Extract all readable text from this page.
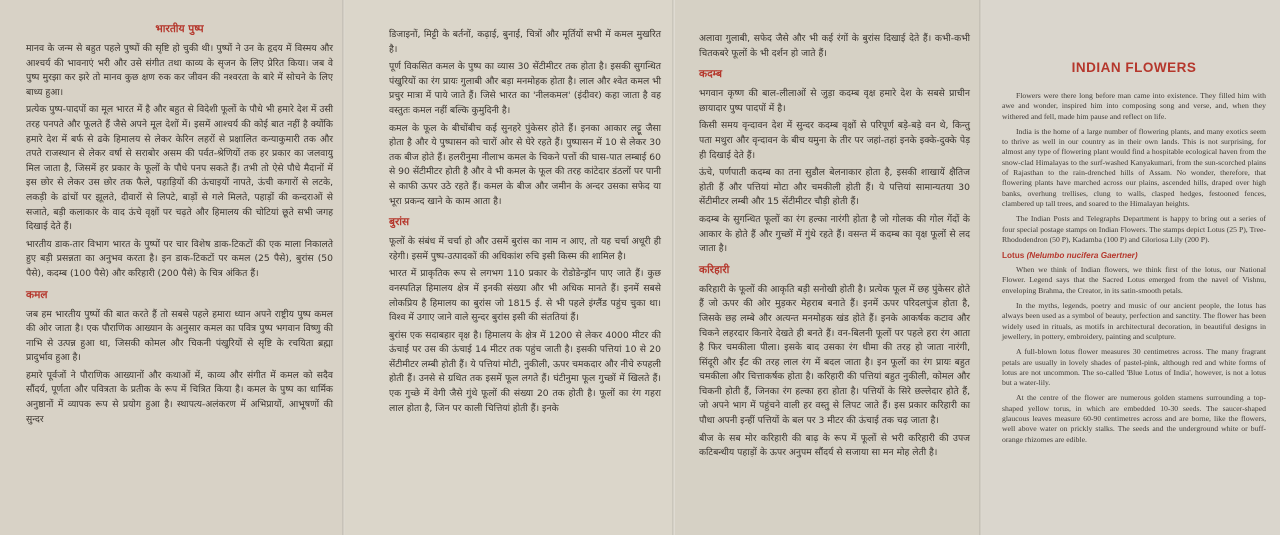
भारतीय पुष्प

मानव के जन्म से बहुत पहले पुष्पों की सृष्टि हो चुकी थी। पुष्पों ने उन के हृदय में विस्मय और आश्चर्य की भावनाएं भरी और उसे संगीत तथा काव्य के सृजन के लिए प्रेरित किया। जब वे पुष्प मुरझा कर झरे तो मानव कुछ क्षण रुक कर जीवन की नश्वरता के बारे में सोचने के लिए बाध्य हुआ।

प्रत्येक पुष्प-पादपों का मूल भारत में है और बहुत से विदेशी फूलों के पौधे भी हमारे देश में उसी तरह पनपते और फूलते हैं जैसे अपने मूल देशों में। इसमें आश्चर्य की कोई बात नहीं है क्योंकि हमारे देश में बर्फ से ढके हिमालय से लेकर केरिन लहरों से प्रक्षालित कन्याकुमारी तक और तपते राजस्थान से लेकर वर्षा से सराबोर असम की पर्वत-श्रेणियों तक हर प्रकार का जलवायु मिल जाता है, जिसमें हर प्रकार के फूलों के पौधे पनप सकते हैं। तभी तो ऐसे पौधे मैदानों में इस छोर से लेकर उस छोर तक फैले, पहाड़ियों की ऊंचाइयों नापते, ऊंची कगारों से लटके, लकड़ी के ढांचों पर झूलते, दीवारों से लिपटे, बाड़ों से गले मिलते, पहाड़ों की कन्दराओं से सजाते, बड़ी कलाकार के वाद ऊंचे वृक्षों पर चढ़ते और हिमालय की चोटियां छूते सभी जगह दिखाई देते हैं।

भारतीय डाक-तार विभाग भारत के पुष्पों पर चार विशेष डाक-टिकटों की एक माला निकालते हुए बड़ी प्रसन्नता का अनुभव करता है। इन डाक-टिकटों पर कमल (25 पैसे), बुरांस (50 पैसे), कदम्ब (100 पैसे) और करिहारी (200 पैसे) के चित्र अंकित हैं।

कमल

जब हम भारतीय पुष्पों की बात करते हैं तो सबसे पहले हमारा ध्यान अपने राष्ट्रीय पुष्प कमल की ओर जाता है। एक पौराणिक आख्यान के अनुसार कमल का पवित्र पुष्प भगवान विष्णु की नाभि से उत्पन्न हुआ था, जिसकी कोमल और चिकनी पंखुरियों से सृष्टि के रचयिता ब्रह्मा प्रादुर्भाव हुआ है।

हमारे पूर्वजों ने पौराणिक आख्यानों और कथाओं में, काव्य और संगीत में कमल को सदैव सौंदर्य, पूर्णता और पवित्रता के प्रतीक के रूप में चित्रित किया है। कमल के पुष्प का धार्मिक अनुष्ठानों में व्यापक रूप से प्रयोग हुआ है। स्थापत्य-अलंकरण में अभिप्रायों, आभूषणों की सुन्दर

डिजाइनों, मिट्टी के बर्तनों, कढ़ाई, बुनाई, चित्रों और मूर्तियों सभी में कमल मुखरित है।

पूर्ण विकसित कमल के पुष्प का व्यास 30 सेंटीमीटर तक होता है। इसकी सुगन्धित पंखुरियों का रंग प्रायः गुलाबी और बड़ा मनमोहक होता है। लाल और श्वेत कमल भी प्रचुर मात्रा में पाये जाते हैं। जिसे भारत का 'नीलकमल' (इंदीवर) कहा जाता है वह वस्तुतः कमल नहीं बल्कि कुमुदिनी है।

कमल के फूल के बीचोंबीच कई सुनहरे पुंकेसर होते हैं। इनका आकार लट्टू जैसा होता है और ये पुष्पासन को चारों ओर से घेरे रहते हैं। पुष्पासन में 10 से लेकर 30 तक बीज होते हैं। हलरीनुमा नीलाभ कमल के चिकने पत्तों की घास-पात लम्बाई 60 से 90 सेंटीमीटर होती है और वे भी कमल के फूल की तरह कांटेदार डंठलों पर पानी से काफी ऊपर उठे रहते हैं। कमल के बीज और जमीन के अन्दर उसका सफेद या भूरा प्रकन्द खाने के काम आता है।

बुरांस

फूलों के संबंध में चर्चा हो और उसमें बुरांस का नाम न आए, तो यह चर्चा अधूरी ही रहेगी। इसमें पुष्प-उत्पादकों की अधिकांश रुचि इसी किस्म की शामिल है।

भारत में प्राकृतिक रूप से लगभग 110 प्रकार के रोडोडेन्ड्रॉन पाए जाते हैं। कुछ वनस्पतिज्ञ हिमालय क्षेत्र में इनकी संख्या और भी अधिक मानते हैं। इनमें सबसे लोकप्रिय है हिमालय का बुरांस जो 1815 ई. से भी पहले इंग्लैंड पहुंच चुका था। विश्व में उगाए जाने वाले सुन्दर बुरांस इसी की संततियां हैं।

बुरांस एक सदाबहार वृक्ष है। हिमालय के क्षेत्र में 1200 से लेकर 4000 मीटर की ऊंचाई पर उस की ऊंचाई 14 मीटर तक पहुंच जाती है। इसकी पत्तियां 10 से 20 सेंटीमीटर लम्बी होती हैं। ये पत्तियां मोटी, नुकीली, ऊपर चमकदार और नीचे रुपहली होती हैं। उनसे से ग्रथित तक इसमें फूल लगते हैं। घंटीनुमा फूल गुच्छों में खिलते हैं। एक गुच्छे में वेगी जैसे गुंथे फूलों की संख्या 20 तक होती है। फूलों का रंग गहरा लाल होता है, जिन पर काली चित्तियां होती हैं। इनके

अलावा गुलाबी, सफेद जैसे और भी कई रंगों के बुरांस दिखाई देते हैं। कभी-कभी चितकबरे फूलों के भी दर्शन हो जाते हैं।

कदम्ब

भगवान कृष्ण की बाल-लीलाओं से जुड़ा कदम्ब वृक्ष हमारे देश के सबसे प्राचीन छायादार पुष्प पादपों में है।

किसी समय वृन्दावन देश में सुन्दर कदम्ब वृक्षों से परिपूर्ण बड़े-बड़े वन थे, किन्तु पता मथुरा और वृन्दावन के बीच यमुना के तीर पर जहां-तहां इनके इक्के-दुक्के पेड़ ही दिखाई देते हैं।

ऊंचे, पर्णपाती कदम्ब का तना सुडौल बेलनाकार होता है, इसकी शाखायें क्षैतिज होती हैं और पत्तियां मोटा और चमकीली होती हैं। ये पत्तियां सामान्यतया 30 सेंटीमीटर लम्बी और 15 सेंटीमीटर चौड़ी होती हैं।

कदम्ब के सुगन्धित फूलों का रंग हल्का नारंगी होता है जो गोलक की गोल गेंदों के आकार के होते हैं और गुच्छों में गुंथे रहते हैं। वसन्त में कदम्ब का वृक्ष फूलों से लद जाता है।

करिहारी

करिहारी के फूलों की आकृति बड़ी सनोखी होती है। प्रत्येक फूल में छह पुंकेसर होते हैं जो ऊपर की ओर मुड़कर मेहराब बनाते हैं। इनमें ऊपर परिदलपुंज होता है, जिसके छह लम्बे और अत्यन्त मनमोहक खंड होते हैं। इनके आकर्षक कटाव और चिकने लहरदार किनारे देखते ही बनते हैं। वन-बिलनी फूलों पर पहले हरा रंग आता है फिर चमकीला पीला। इसके बाद उसका रंग धीमा की तरह हो जाता नारंगी, सिंदूरी और ईंट की तरह लाल रंग में बदल जाता है। इन फूलों का रंग प्रायः बहुत चमकीला और चित्ताकर्षक होता है। करिहारी की पत्तियां बहुत नुकीली, कोमल और चिकनी होती हैं, जिनका रंग हल्का हरा होता है। पत्तियों के सिरे छल्लेदार होते हैं, जो अपने भाग में पहुंचने वाली हर वस्तु से लिपट जाते हैं। इस प्रकार करिहारी का पौधा अपनी इन्हीं पत्तियों के बल पर 3 मीटर की ऊंचाई तक चढ़ जाता है।

बीज के सब मोर करिहारी की बाढ़ के रूप में फूलों से भरी करिहारी की उपज कटिबन्धीय पहाड़ों के ऊपर अनुपम सौंदर्य से सजाया सा मन मोह लेती है।

INDIAN FLOWERS

Flowers were there long before man came into existence. They filled him with awe and wonder, inspired him into composing song and verse, and, when they withered and fell, made him pause and reflect on life.

India is the home of a large number of flowering plants, and many exotics seem to thrive as well in our country as in their own lands. This is not surprising, for almost any type of flowering plant would find a hospitable ecological haven from the snow-clad Himalayas to the surf-washed Kanyakumari, from the sun-scorched plains of Rajasthan to the rain-drenched hills of Assam. No wonder, therefore, that flowering plants have marched across our plains, ascended hills, draped over high banks, overhung trellises, clung to walls, clasped hedges, festooned fences, clambered up tall trees, and soared to the Himalayan heights.

The Indian Posts and Telegraphs Department is happy to bring out a series of four special postage stamps on Indian Flowers. The stamps depict Lotus (25 P), Tree-Rhododendron (50 P), Kadamba (100 P) and Gloriosa Lily (200 P).

Lotus (Nelumbo nucifera Gaertner)

When we think of Indian flowers, we think first of the lotus, our National Flower. Legend says that the Sacred Lotus emerged from the navel of Vishnu, enveloping Brahma, the Creator, in its satin-smooth petals.

In the myths, legends, poetry and music of our ancient people, the lotus has always been used as a symbol of beauty, perfection and sanctity. The flower has been widely used in rituals, as motifs in architectural decoration, in beautiful designs in jewellery, in pottery, embroidery, painting and sculpture.

A full-blown lotus flower measures 30 centimetres across. The many fragrant petals are usually in lovely shades of pastel-pink, although red and white forms of lotus are not uncommon. The so-called 'Blue Lotus of India', however, is not a lotus but a water-lily.

At the centre of the flower are numerous golden stamens surrounding a top-shaped yellow torus, in which are embedded 10-30 seeds. The saucer-shaped glaucous leaves measure 60-90 centimetres across and are borne, like the flowers, well above water on prickly stalks. The seeds and the underground white or buff-orange rhizomes are edible.
